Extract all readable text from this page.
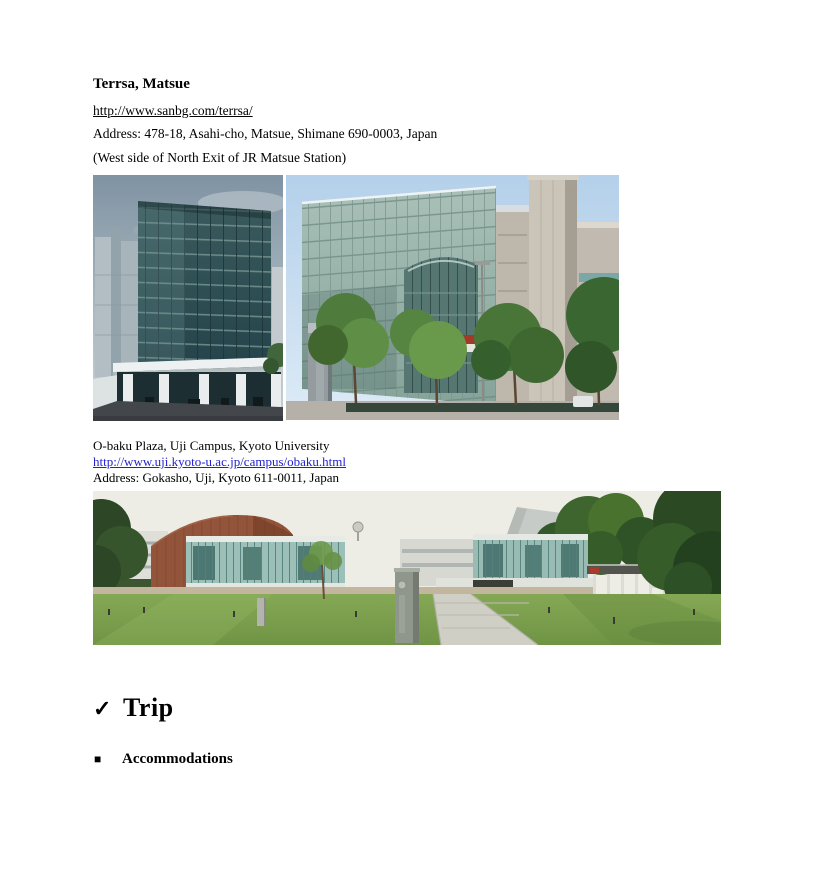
Terrsa, Matsue
http://www.sanbg.com/terrsa/
Address: 478-18, Asahi-cho, Matsue, Shimane 690-0003, Japan
(West side of North Exit of JR Matsue Station)
O-baku Plaza, Uji Campus, Kyoto University
http://www.uji.kyoto-u.ac.jp/campus/obaku.html
Address: Gokasho, Uji, Kyoto 611-0011, Japan
✓ Trip
■	Accommodations
